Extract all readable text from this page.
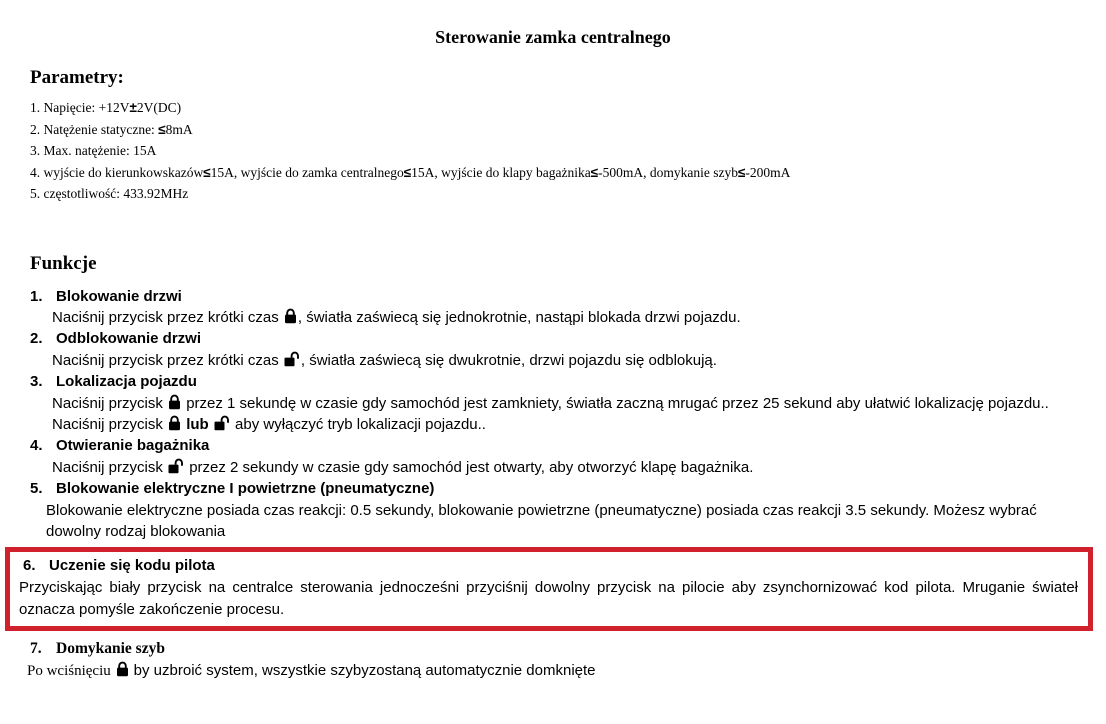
Sterowanie zamka centralnego
Parametry:
1. Napięcie: +12V±2V(DC)
2. Natężenie statyczne: ≤8mA
3. Max. natężenie: 15A
4. wyjście do kierunkowskazów≤15A, wyjście do zamka centralnego≤15A, wyjście do klapy bagażnika≤-500mA, domykanie szyb≤-200mA
5. częstotliwość: 433.92MHz
Funkcje
1. Blokowanie drzwi
Naciśnij przycisk przez krótki czas , światła zaświecą się jednokrotnie, nastąpi blokada drzwi pojazdu.
2. Odblokowanie drzwi
Naciśnij przycisk przez krótki czas , światła zaświecą się dwukrotnie, drzwi pojazdu się odblokują.
3. Lokalizacja pojazdu
Naciśnij przycisk  przez 1 sekundę w czasie gdy samochód jest zamkniety, światła zaczną mrugać przez 25 sekund aby ułatwić lokalizację pojazdu.. Naciśnij przycisk  lub  aby wyłączyć tryb lokalizacji pojazdu..
4. Otwieranie bagażnika
Naciśnij przycisk  przez 2 sekundy w czasie gdy samochód jest otwarty, aby otworzyć klapę bagażnika.
5. Blokowanie elektryczne I powietrzne (pneumatyczne)
Blokowanie elektryczne posiada czas reakcji: 0.5 sekundy, blokowanie powietrzne (pneumatyczne) posiada czas reakcji 3.5 sekundy. Możesz wybrać dowolny rodzaj blokowania
6. Uczenie się kodu pilota
Przyciskając biały przycisk na centralce sterowania jednocześni przyciśnij dowolny przycisk na pilocie aby zsynchornizować kod pilota. Mruganie świateł oznacza pomyśle zakończenie procesu.
7. Domykanie szyb
Po wciśnięciu  by uzbroić system, wszystkie szybyzostaną automatycznie domknięte
